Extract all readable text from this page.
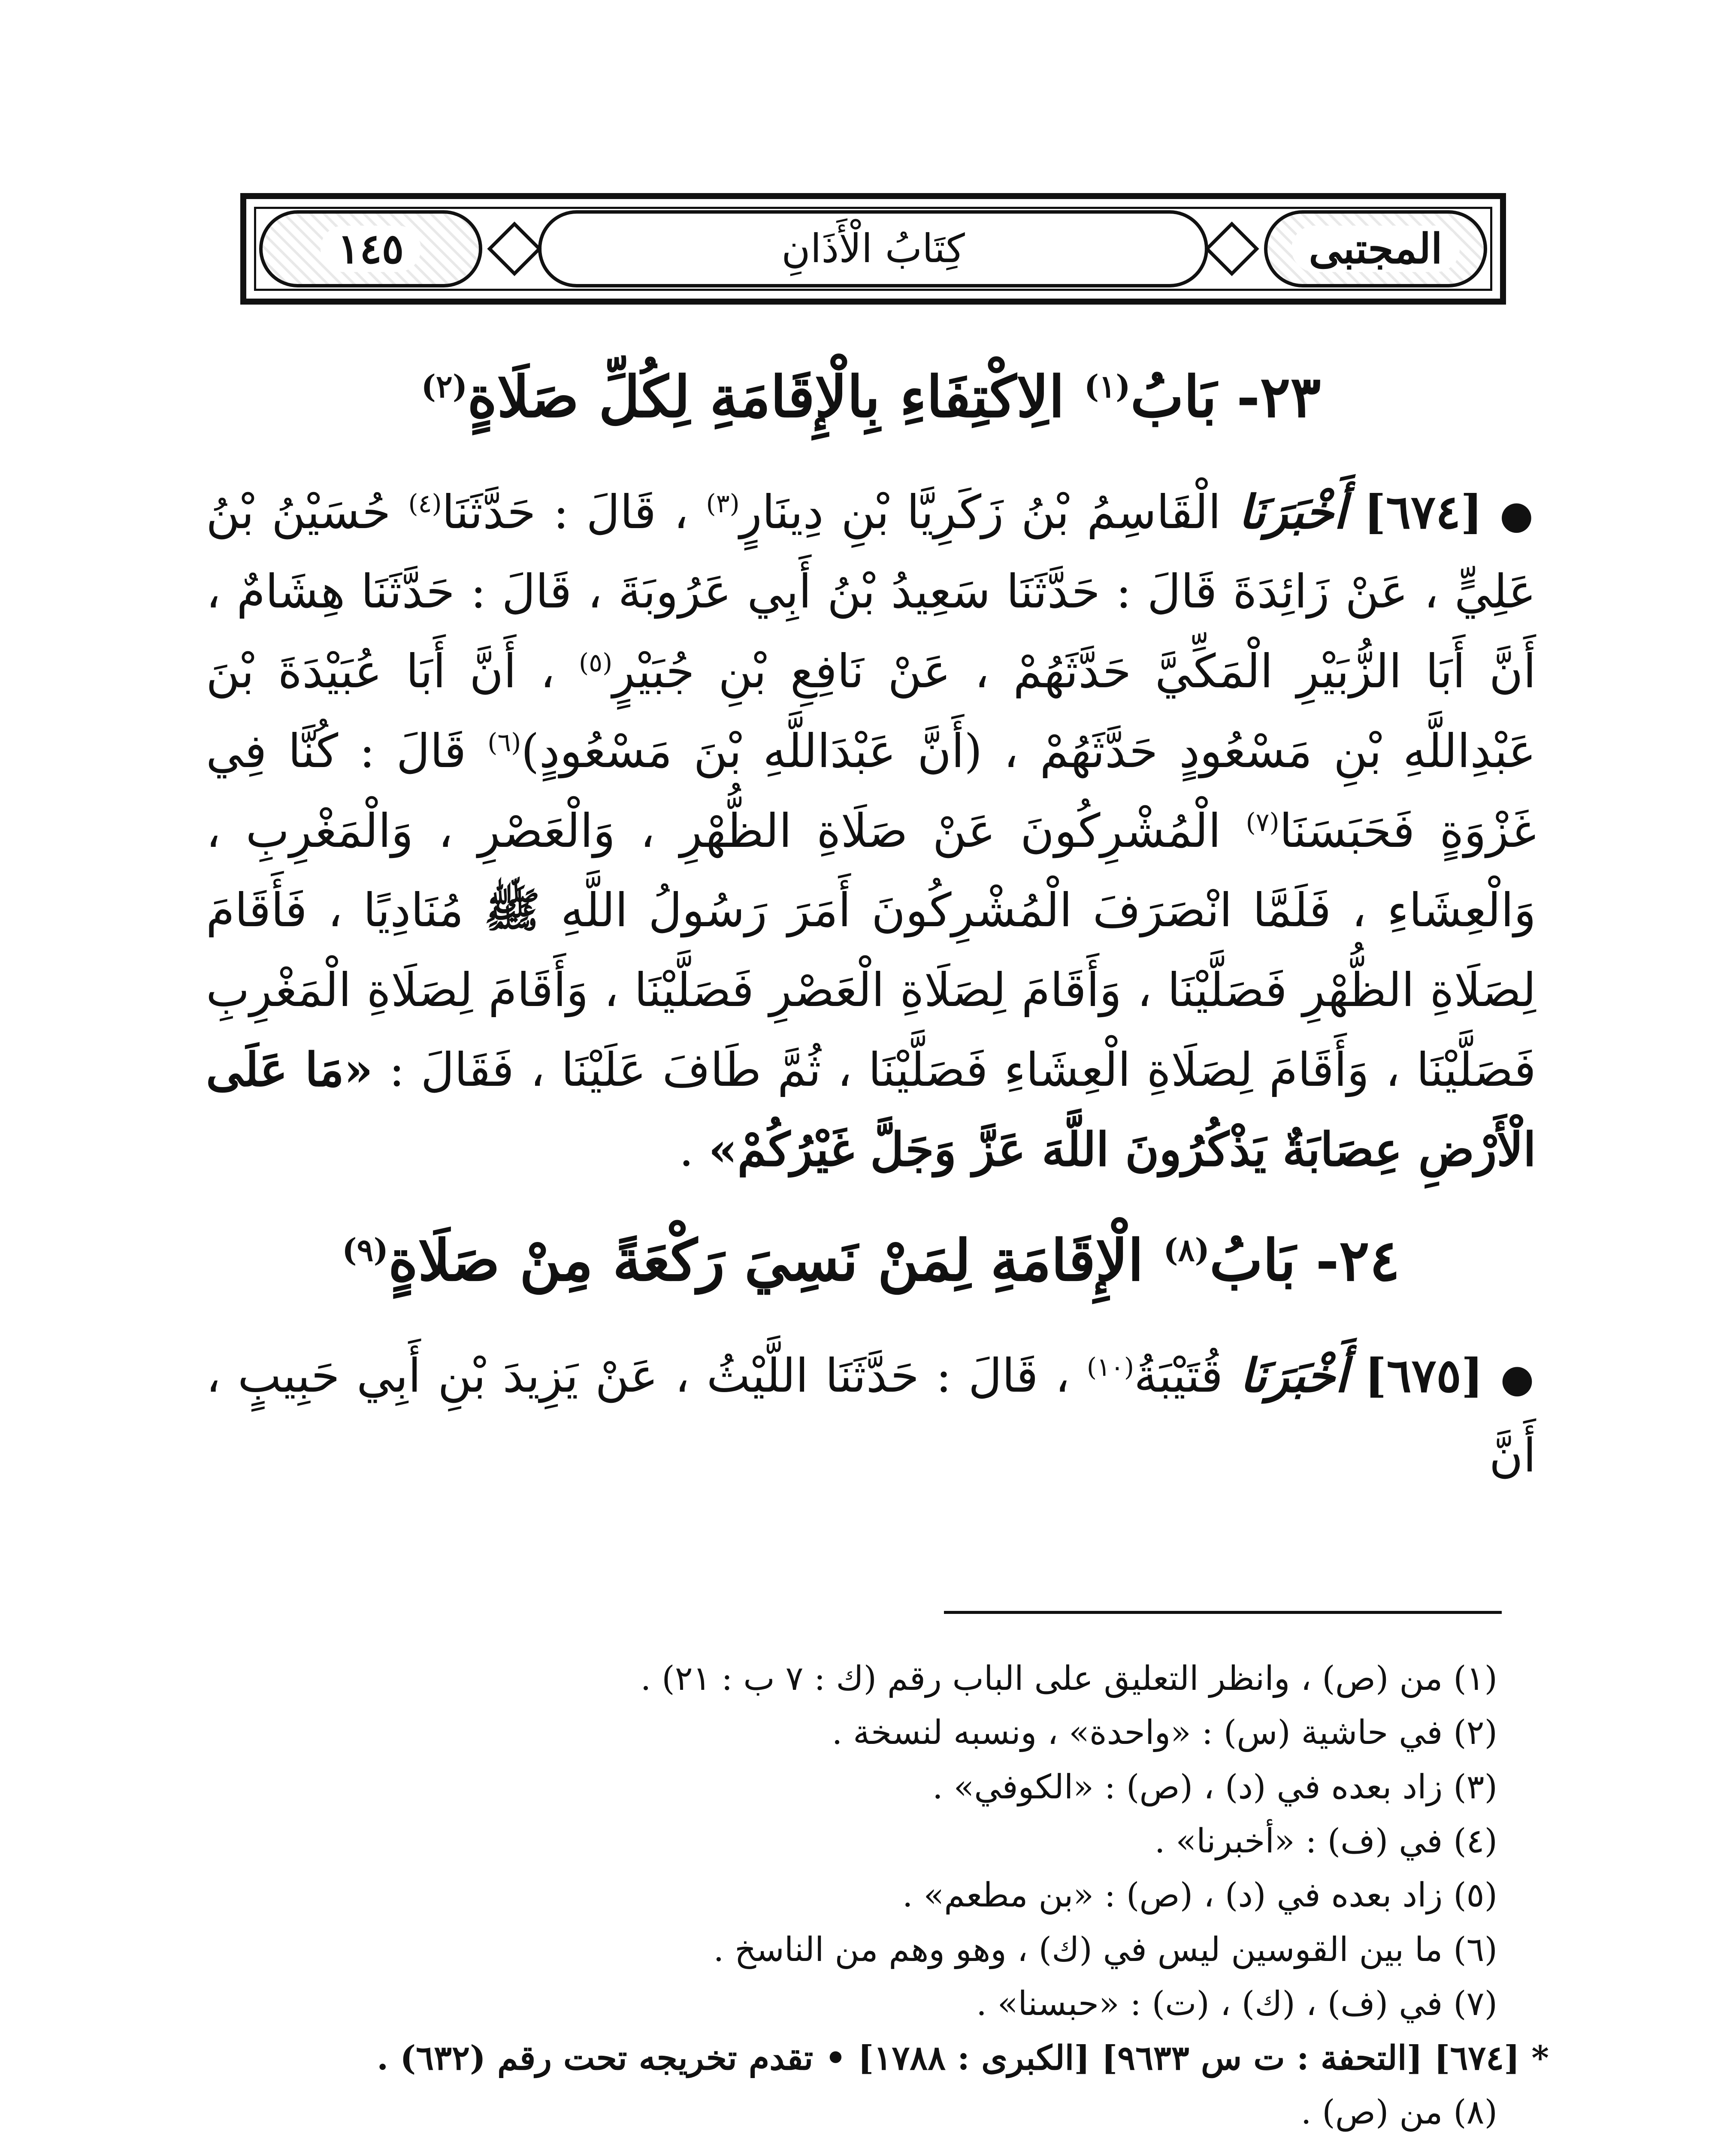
١٤٥	كِتَابُ الْأَذَانِ	المجتبى
٢٣- بَابُ$^{(١)}$ الِاكْتِفَاءِ بِالْإِقَامَةِ لِكُلِّ صَلَاةٍ$^{(٢)}$

●[٦٧٤] أَخْبَرَنَا الْقَاسِمُ بْنُ زَكَرِيَّا بْنِ دِينَارٍ$^{(٣)}$ ، قَالَ : حَدَّثَنَا$^{(٤)}$ حُسَيْنُ بْنُ عَلِيٍّ ، عَنْ زَائِدَةَ قَالَ : حَدَّثَنَا سَعِيدُ بْنُ أَبِي عَرُوبَةَ ، قَالَ : حَدَّثَنَا هِشَامٌ ، أَنَّ أَبَا الزُّبَيْرِ الْمَكِّيَّ حَدَّثَهُمْ ، عَنْ نَافِعِ بْنِ جُبَيْرٍ$^{(٥)}$ ، أَنَّ أَبَا عُبَيْدَةَ بْنَ عَبْدِاللَّهِ بْنِ مَسْعُودٍ حَدَّثَهُمْ ، (أَنَّ عَبْدَاللَّهِ بْنَ مَسْعُودٍ)$^{(٦)}$ قَالَ : كُنَّا فِي غَزْوَةٍ فَحَبَسَنَا$^{(٧)}$ الْمُشْرِكُونَ عَنْ صَلَاةِ الظُّهْرِ ، وَالْعَصْرِ ، وَالْمَغْرِبِ ، وَالْعِشَاءِ ، فَلَمَّا انْصَرَفَ الْمُشْرِكُونَ أَمَرَ رَسُولُ اللَّهِ ﷺ مُنَادِيًا ، فَأَقَامَ لِصَلَاةِ الظُّهْرِ فَصَلَّيْنَا ، وَأَقَامَ لِصَلَاةِ الْعَصْرِ فَصَلَّيْنَا ، وَأَقَامَ لِصَلَاةِ الْمَغْرِبِ فَصَلَّيْنَا ، وَأَقَامَ لِصَلَاةِ الْعِشَاءِ فَصَلَّيْنَا ، ثُمَّ طَافَ عَلَيْنَا ، فَقَالَ : «مَا عَلَى الْأَرْضِ عِصَابَةٌ يَذْكُرُونَ اللَّهَ عَزَّ وَجَلَّ غَيْرُكُمْ» .

٢٤- بَابُ$^{(٨)}$ الْإِقَامَةِ لِمَنْ نَسِيَ رَكْعَةً مِنْ صَلَاةٍ$^{(٩)}$

●[٦٧٥] أَخْبَرَنَا قُتَيْبَةُ$^{(١٠)}$ ، قَالَ : حَدَّثَنَا اللَّيْثُ ، عَنْ يَزِيدَ بْنِ أَبِي حَبِيبٍ ، أَنَّ

(١) من (ص) ، وانظر التعليق على الباب رقم (ك : ٧ ب : ٢١) .

(٢) في حاشية (س) : «واحدة» ، ونسبه لنسخة .

(٣) زاد بعده في (د) ، (ص) : «الكوفي» .

(٤) في (ف) : «أخبرنا» .

(٥) زاد بعده في (د) ، (ص) : «بن مطعم» .

(٦) ما بين القوسين ليس في (ك) ، وهو وهم من الناسخ .

(٧) في (ف) ، (ك) ، (ت) : «حبسنا» .

* [٦٧٤] [التحفة : ت س ٩٦٣٣] [الكبرى : ١٧٨٨] • تقدم تخريجه تحت رقم (٦٣٢) .

(٨) من (ص) .
